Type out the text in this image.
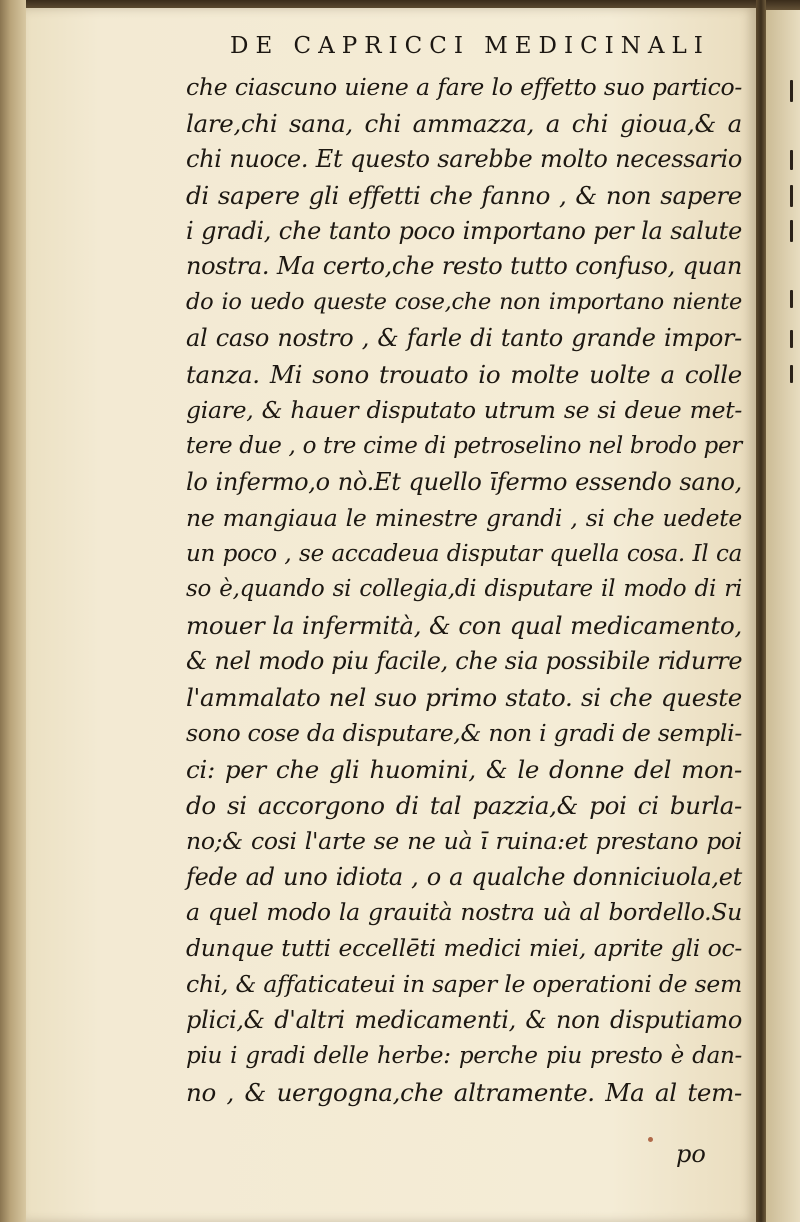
DE CAPRICCI MEDICINALI
che ciascuno uiene a fare lo effetto suo partico-
lare,chi sana, chi ammazza, a chi gioua,& a
chi nuoce. Et questo sarebbe molto necessario
di sapere gli effetti che fanno , & non sapere
i gradi, che tanto poco importano per la salute
nostra. Ma certo,che resto tutto confuso, quan
do io uedo queste cose,che non importano niente
al caso nostro , & farle di tanto grande impor-
tanza. Mi sono trouato io molte uolte a colle
giare, & hauer disputato utrum se si deue met-
tere due , o tre cime di petroselino nel brodo per
lo infermo,o nò.Et quello īfermo essendo sano,
ne mangiaua le minestre grandi , si che uedete
un poco , se accadeua disputar quella cosa. Il ca
so è,quando si collegia,di disputare il modo di ri
mouer la infermità, & con qual medicamento,
& nel modo piu facile, che sia possibile ridurre
l'ammalato nel suo primo stato. si che queste
sono cose da disputare,& non i gradi de sempli-
ci: per che gli huomini, & le donne del mon-
do si accorgono di tal pazzia,& poi ci burla-
no;& cosi l'arte se ne uà ī ruina:et prestano poi
fede ad uno idiota , o a qualche donniciuola,et
a quel modo la grauità nostra uà al bordello.Su
dunque tutti eccellēti medici miei, aprite gli oc-
chi, & affaticateui in saper le operationi de sem
plici,& d'altri medicamenti, & non disputiamo
piu i gradi delle herbe: perche piu presto è dan-
no , & uergogna,che altramente. Ma al tem-
po
